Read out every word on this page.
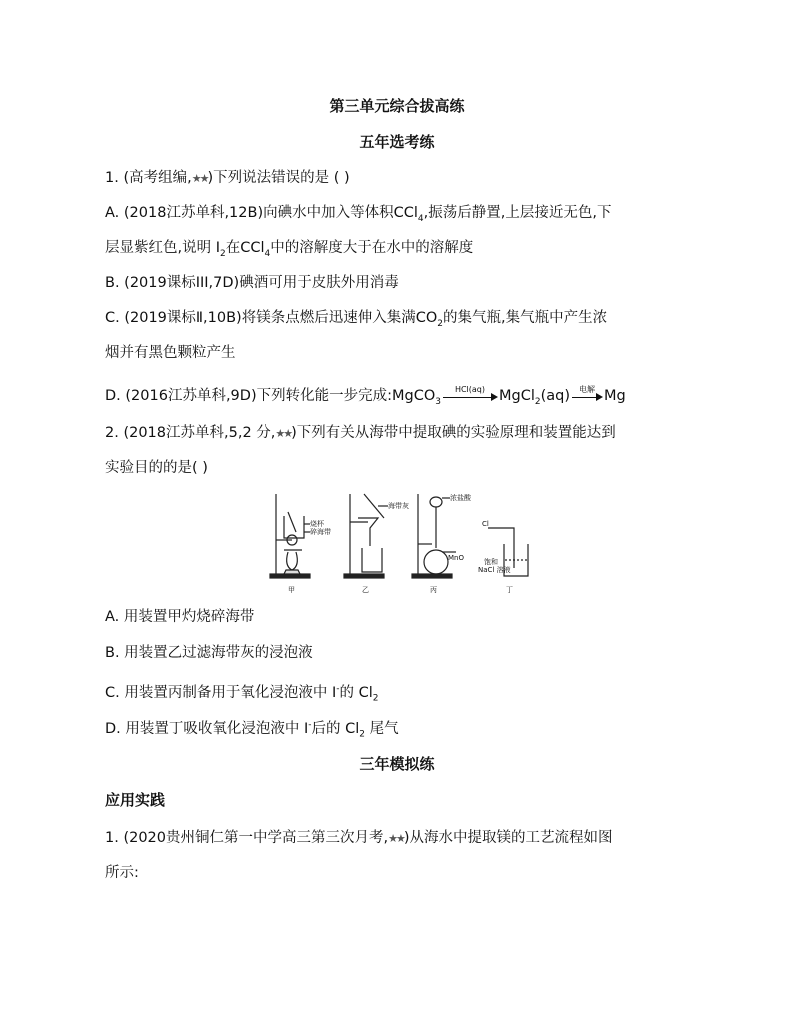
第三单元综合拔高练
五年选考练
1. (高考组编,★★)下列说法错误的是 ( )
A. (2018江苏单科,12B)向碘水中加入等体积CCl$_4$,振荡后静置,上层接近无色,下
层显紫红色,说明 $I_2$在CCl$_4$中的溶解度大于在水中的溶解度
B. (2019课标III,7D)碘酒可用于皮肤外用消毒
C. (2019课标Ⅱ,10B)将镁条点燃后迅速伸入集满$CO_2$的集气瓶,集气瓶中产生浓
烟并有黑色颗粒产生
D. (2016江苏单科,9D)下列转化能一步完成:MgCO$_3$
HCl(aq) MgCl$_2$(aq)	电解 Mg
2. (2018江苏单科,5,2 分,★★)下列有关从海带中提取碘的实验原理和装置能达到
实验目的的是( )
烧杯
碎海带
海带灰
浓盐酸
MnO
Cl
饱和
NaCl 溶液
甲	乙	丙	丁
A. 用装置甲灼烧碎海带
B. 用装置乙过滤海带灰的浸泡液
C. 用装置丙制备用于氧化浸泡液中 I-的 $Cl_2$
D. 用装置丁吸收氧化浸泡液中 I-后的 $Cl_2$ 尾气
三年模拟练
应用实践
1. (2020贵州铜仁第一中学高三第三次月考,★★)从海水中提取镁的工艺流程如图
所示:
